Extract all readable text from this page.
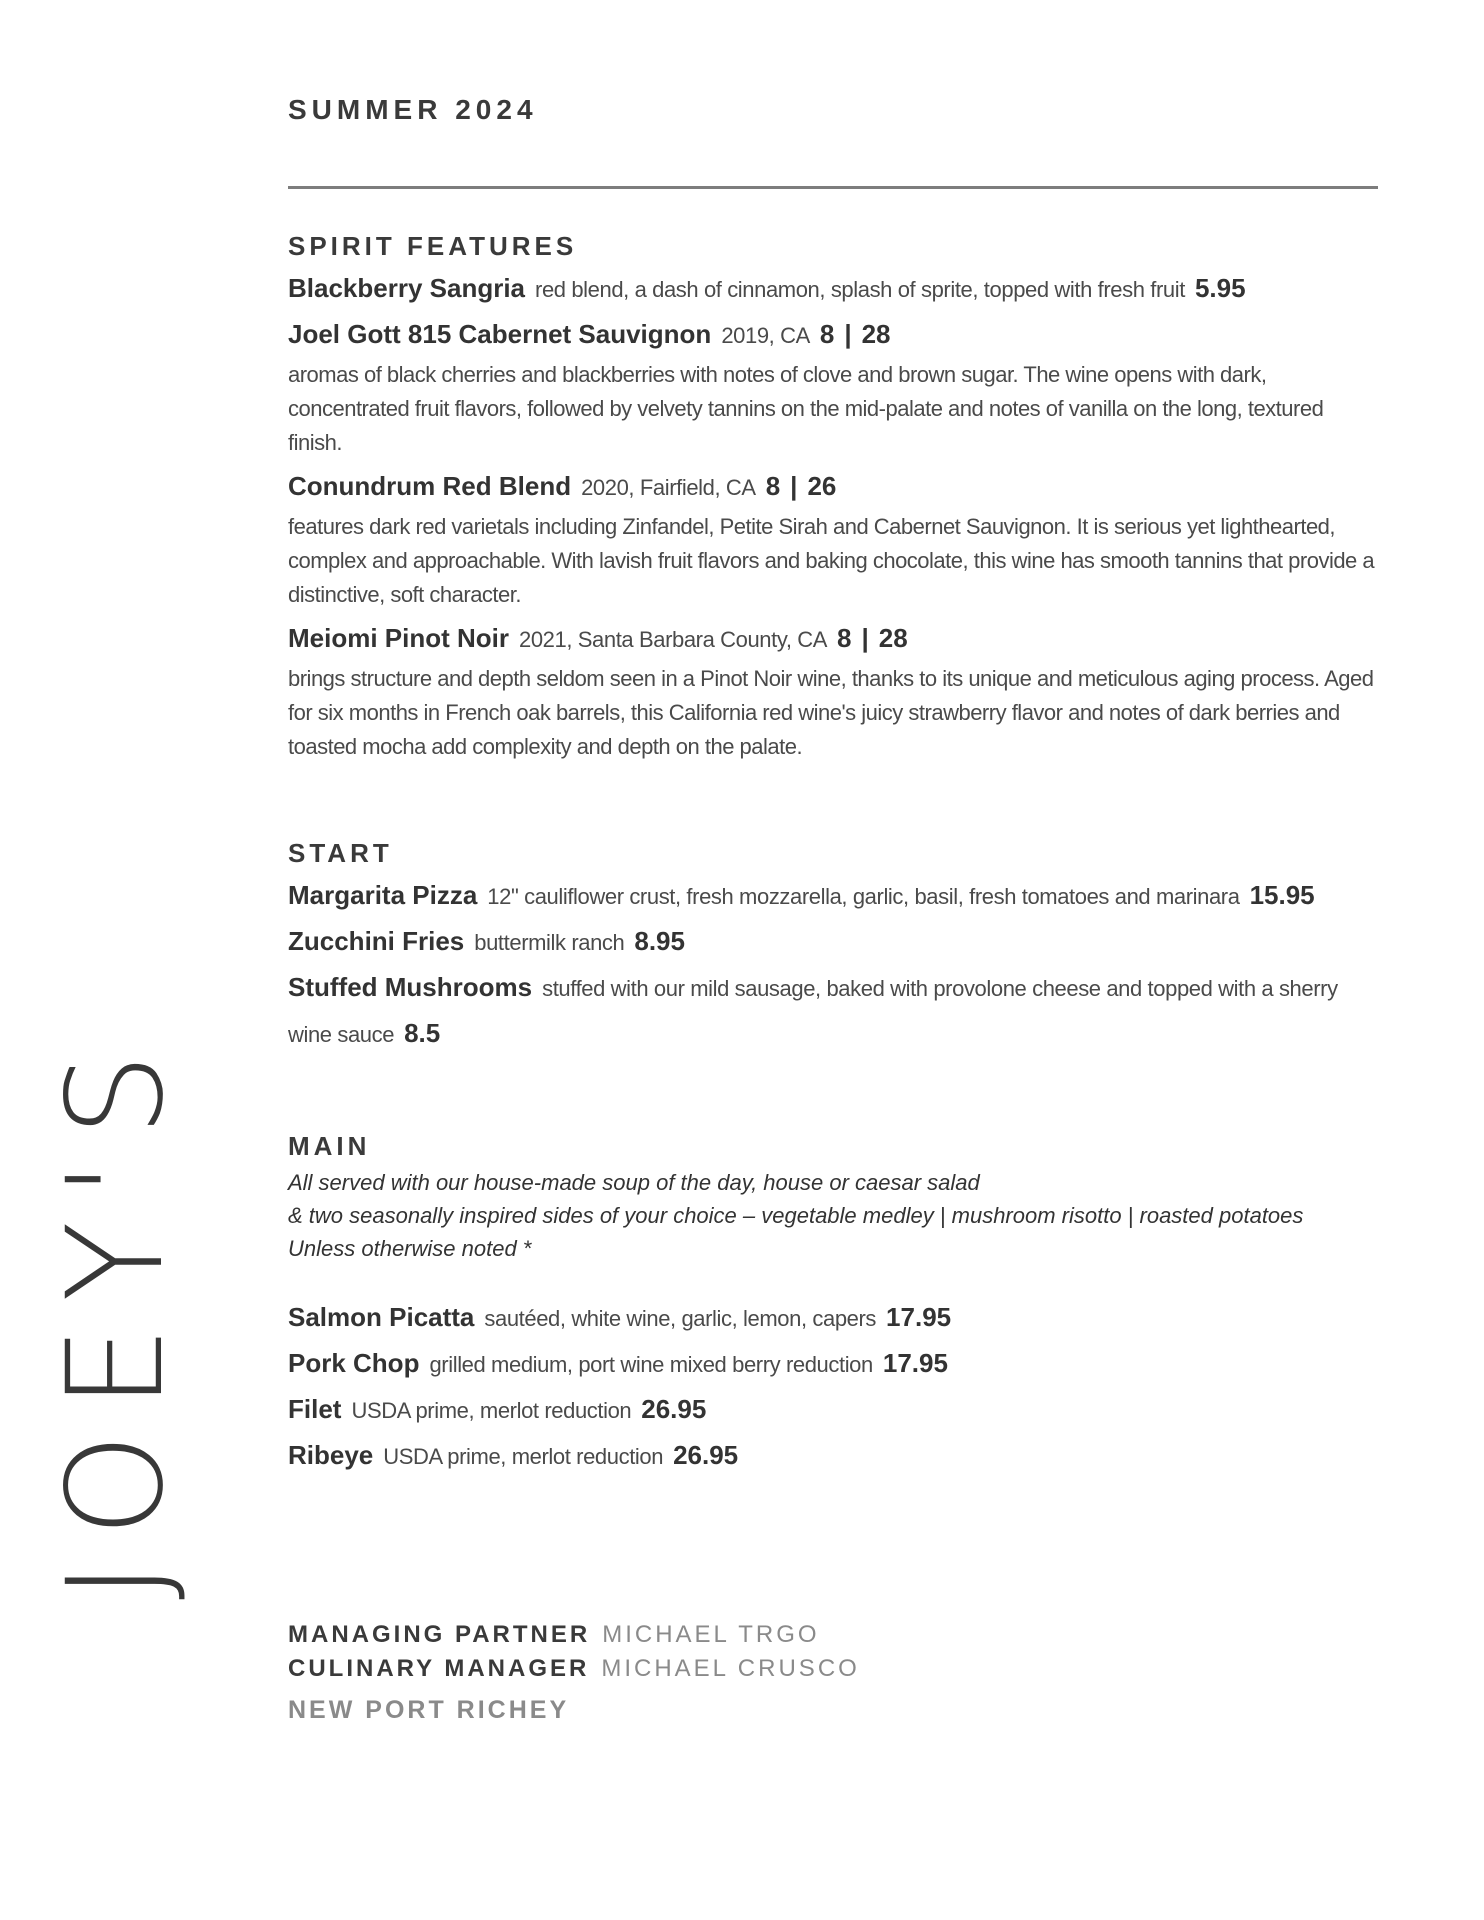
JOEY'S
SUMMER 2024
SPIRIT FEATURES

Blackberry Sangria red blend, a dash of cinnamon, splash of sprite, topped with fresh fruit 5.95

Joel Gott 815 Cabernet Sauvignon 2019, CA 8 | 28

aromas of black cherries and blackberries with notes of clove and brown sugar. The wine opens with dark, concentrated fruit flavors, followed by velvety tannins on the mid-palate and notes of vanilla on the long, textured finish.

Conundrum Red Blend 2020, Fairfield, CA 8 | 26

features dark red varietals including Zinfandel, Petite Sirah and Cabernet Sauvignon. It is serious yet lighthearted, complex and approachable. With lavish fruit flavors and baking chocolate, this wine has smooth tannins that provide a distinctive, soft character.

Meiomi Pinot Noir 2021, Santa Barbara County, CA 8 | 28

brings structure and depth seldom seen in a Pinot Noir wine, thanks to its unique and meticulous aging process. Aged for six months in French oak barrels, this California red wine's juicy strawberry flavor and notes of dark berries and toasted mocha add complexity and depth on the palate.

START

Margarita Pizza 12" cauliflower crust, fresh mozzarella, garlic, basil, fresh tomatoes and marinara 15.95

Zucchini Fries buttermilk ranch 8.95

Stuffed Mushrooms stuffed with our mild sausage, baked with provolone cheese and topped with a sherry wine sauce 8.5

MAIN

All served with our house-made soup of the day, house or caesar salad
& two seasonally inspired sides of your choice – vegetable medley | mushroom risotto | roasted potatoes
Unless otherwise noted *

Salmon Picatta sautéed, white wine, garlic, lemon, capers 17.95

Pork Chop grilled medium, port wine mixed berry reduction 17.95

Filet USDA prime, merlot reduction 26.95

Ribeye USDA prime, merlot reduction 26.95

MANAGING PARTNER MICHAEL TRGO

CULINARY MANAGER MICHAEL CRUSCO

NEW PORT RICHEY
